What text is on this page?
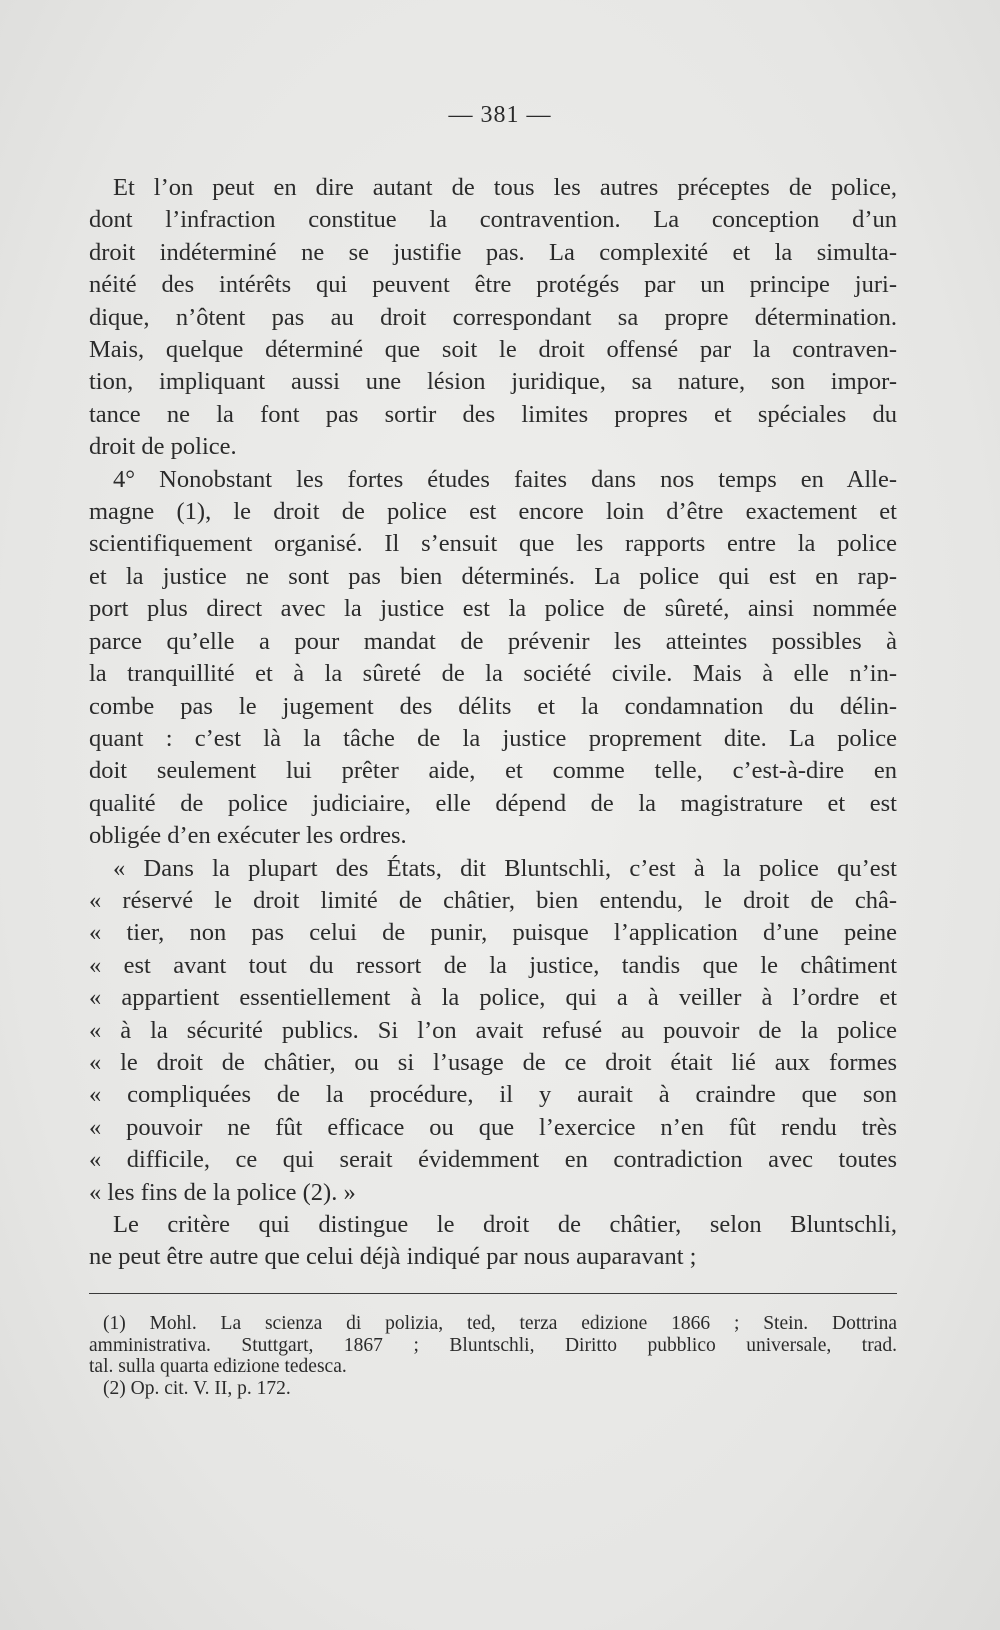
— 381 —
Et l’on peut en dire autant de tous les autres préceptes de police,
dont l’infraction constitue la contravention. La conception d’un
droit indéterminé ne se justifie pas. La complexité et la simulta-
néité des intérêts qui peuvent être protégés par un principe juri-
dique, n’ôtent pas au droit correspondant sa propre détermination.
Mais, quelque déterminé que soit le droit offensé par la contraven-
tion, impliquant aussi une lésion juridique, sa nature, son impor-
tance ne la font pas sortir des limites propres et spéciales du
droit de police.
4° Nonobstant les fortes études faites dans nos temps en Alle-
magne (1), le droit de police est encore loin d’être exactement et
scientifiquement organisé. Il s’ensuit que les rapports entre la police
et la justice ne sont pas bien déterminés. La police qui est en rap-
port plus direct avec la justice est la police de sûreté, ainsi nommée
parce qu’elle a pour mandat de prévenir les atteintes possibles à
la tranquillité et à la sûreté de la société civile. Mais à elle n’in-
combe pas le jugement des délits et la condamnation du délin-
quant : c’est là la tâche de la justice proprement dite. La police
doit seulement lui prêter aide, et comme telle, c’est-à-dire en
qualité de police judiciaire, elle dépend de la magistrature et est
obligée d’en exécuter les ordres.
« Dans la plupart des États, dit Bluntschli, c’est à la police qu’est
« réservé le droit limité de châtier, bien entendu, le droit de châ-
« tier, non pas celui de punir, puisque l’application d’une peine
« est avant tout du ressort de la justice, tandis que le châtiment
« appartient essentiellement à la police, qui a à veiller à l’ordre et
« à la sécurité publics. Si l’on avait refusé au pouvoir de la police
« le droit de châtier, ou si l’usage de ce droit était lié aux formes
« compliquées de la procédure, il y aurait à craindre que son
« pouvoir ne fût efficace ou que l’exercice n’en fût rendu très
« difficile, ce qui serait évidemment en contradiction avec toutes
« les fins de la police (2). »
Le critère qui distingue le droit de châtier, selon Bluntschli,
ne peut être autre que celui déjà indiqué par nous auparavant ;
(1) Mohl. La scienza di polizia, ted, terza edizione 1866 ; Stein. Dottrina
amministrativa. Stuttgart, 1867 ; Bluntschli, Diritto pubblico universale, trad.
tal. sulla quarta edizione tedesca.
(2) Op. cit. V. II, p. 172.
